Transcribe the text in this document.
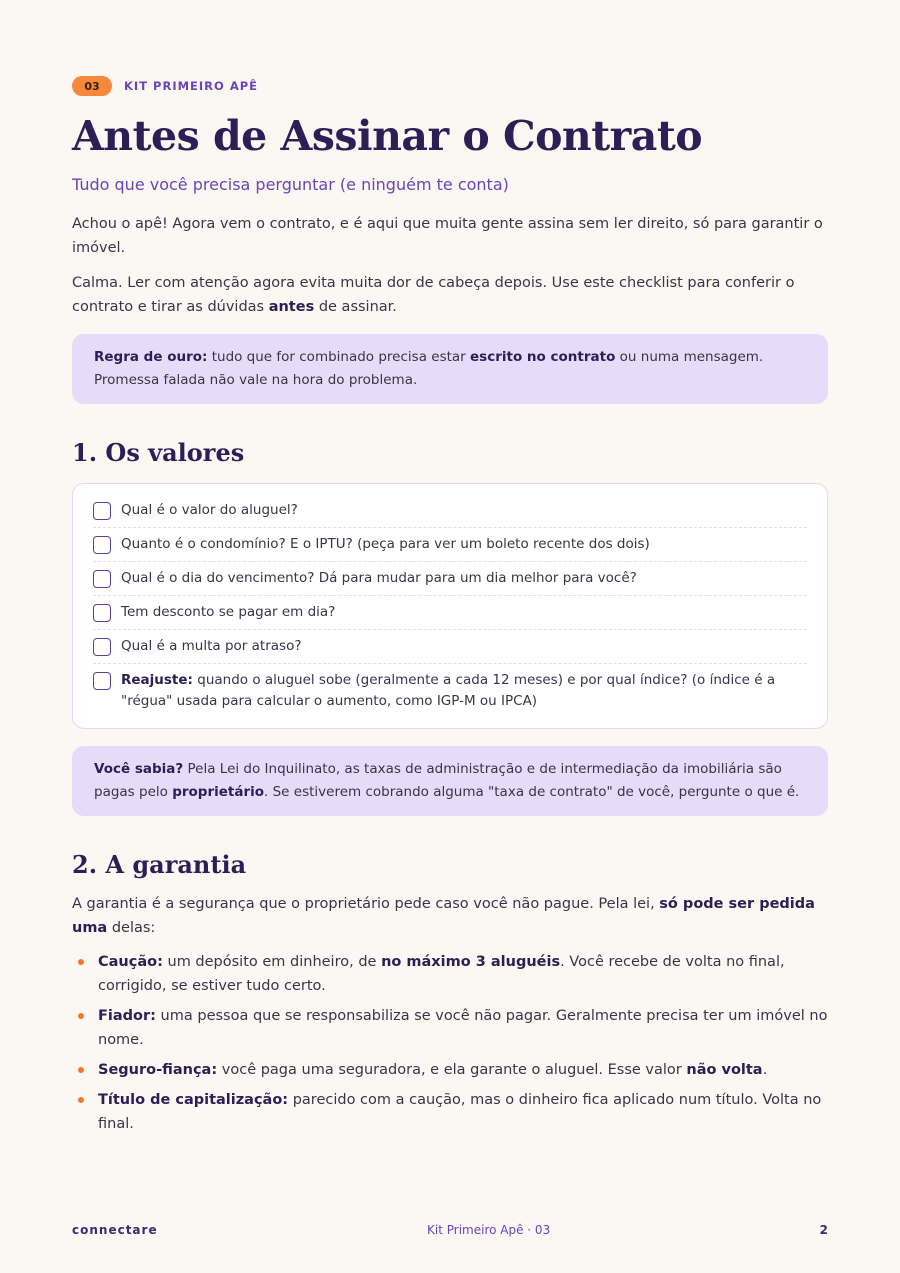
03	KIT PRIMEIRO APÊ
Antes de Assinar o Contrato
Tudo que você precisa perguntar (e ninguém te conta)

Achou o apê! Agora vem o contrato, e é aqui que muita gente assina sem ler direito, só para garantir o imóvel.

Calma. Ler com atenção agora evita muita dor de cabeça depois. Use este checklist para conferir o contrato e tirar as dúvidas antes de assinar.

Regra de ouro: tudo que for combinado precisa estar escrito no contrato ou numa mensagem. Promessa falada não vale na hora do problema.
1. Os valores
Qual é o valor do aluguel?
Quanto é o condomínio? E o IPTU? (peça para ver um boleto recente dos dois)
Qual é o dia do vencimento? Dá para mudar para um dia melhor para você?
Tem desconto se pagar em dia?
Qual é a multa por atraso?
Reajuste: quando o aluguel sobe (geralmente a cada 12 meses) e por qual índice? (o índice é a "régua" usada para calcular o aumento, como IGP-M ou IPCA)
Você sabia? Pela Lei do Inquilinato, as taxas de administração e de intermediação da imobiliária são pagas pelo proprietário. Se estiverem cobrando alguma "taxa de contrato" de você, pergunte o que é.
2. A garantia

A garantia é a segurança que o proprietário pede caso você não pague. Pela lei, só pode ser pedida uma delas:

Caução: um depósito em dinheiro, de no máximo 3 aluguéis. Você recebe de volta no final, corrigido, se estiver tudo certo.
Fiador: uma pessoa que se responsabiliza se você não pagar. Geralmente precisa ter um imóvel no nome.
Seguro-fiança: você paga uma seguradora, e ela garante o aluguel. Esse valor não volta.
Título de capitalização: parecido com a caução, mas o dinheiro fica aplicado num título. Volta no final.
connectare	Kit Primeiro Apê · 03	2
